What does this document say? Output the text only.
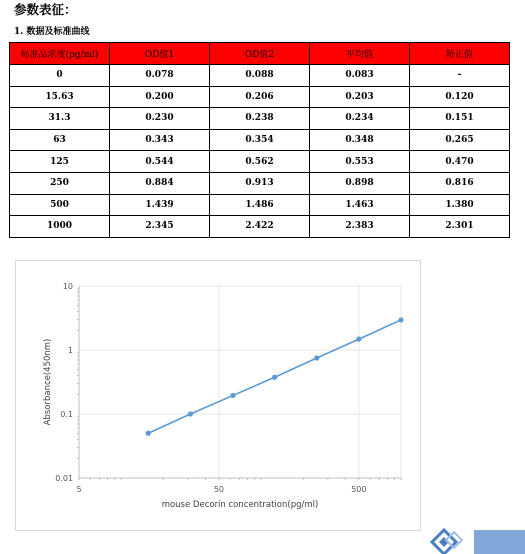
参数表征：
1. 数据及标准曲线
标准品浓度(pg/ml)	OD值1	OD值2	平均值	矫正值
0	0.078	0.088	0.083	-
15.63	0.200	0.206	0.203	0.120
31.3	0.230	0.238	0.234	0.151
63	0.343	0.354	0.348	0.265
125	0.544	0.562	0.553	0.470
250	0.884	0.913	0.898	0.816
500	1.439	1.486	1.463	1.380
1000	2.345	2.422	2.383	2.301
10
1
0.1
0.01
5	50	500
mouse Decorin concentration(pg/ml)
Absorbance(450nm)
